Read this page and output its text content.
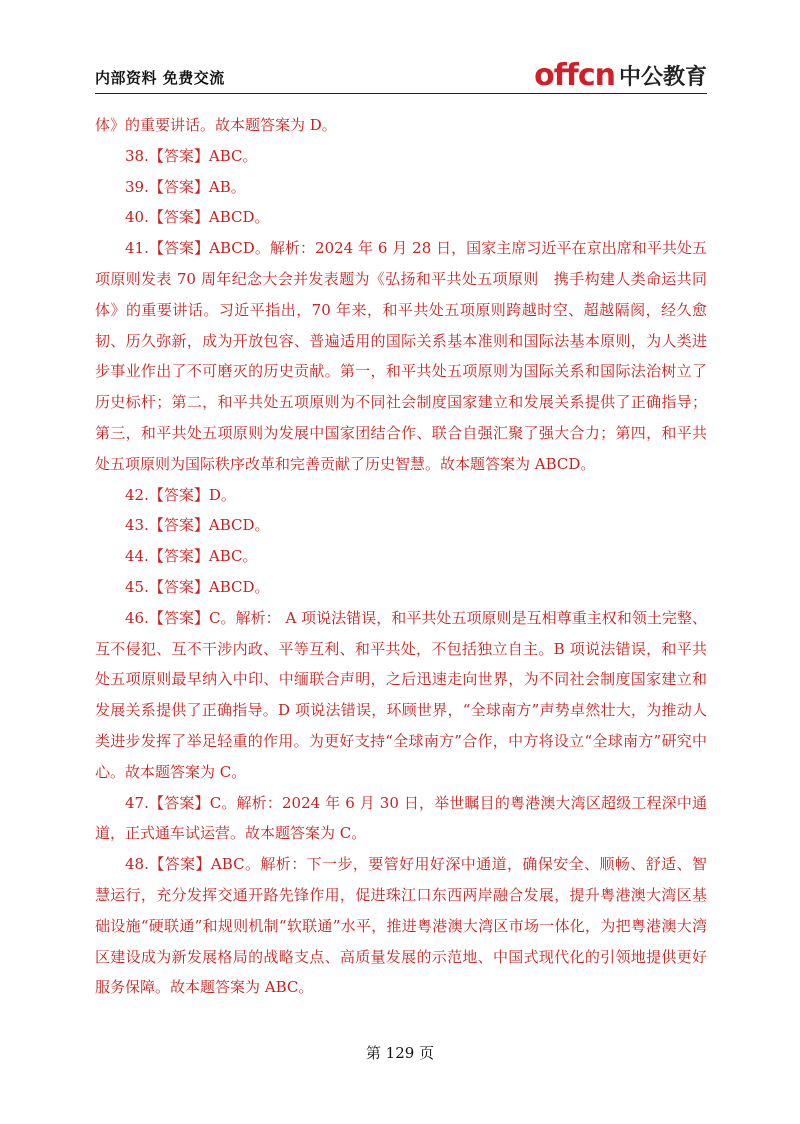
内部资料 免费交流	offcn 中公教育

体》的重要讲话。故本题答案为 D。

38.【答案】ABC。

39.【答案】AB。

40.【答案】ABCD。

41.【答案】ABCD。解析：2024 年 6 月 28 日，国家主席习近平在京出席和平共处五项原则发表 70 周年纪念大会并发表题为《弘扬和平共处五项原则　携手构建人类命运共同体》的重要讲话。习近平指出，70 年来，和平共处五项原则跨越时空、超越隔阂，经久愈韧、历久弥新，成为开放包容、普遍适用的国际关系基本准则和国际法基本原则，为人类进步事业作出了不可磨灭的历史贡献。第一，和平共处五项原则为国际关系和国际法治树立了历史标杆；第二，和平共处五项原则为不同社会制度国家建立和发展关系提供了正确指导；第三，和平共处五项原则为发展中国家团结合作、联合自强汇聚了强大合力；第四，和平共处五项原则为国际秩序改革和完善贡献了历史智慧。故本题答案为 ABCD。

42.【答案】D。

43.【答案】ABCD。

44.【答案】ABC。

45.【答案】ABCD。

46.【答案】C。解析： A 项说法错误，和平共处五项原则是互相尊重主权和领土完整、互不侵犯、互不干涉内政、平等互利、和平共处，不包括独立自主。B 项说法错误，和平共处五项原则最早纳入中印、中缅联合声明，之后迅速走向世界，为不同社会制度国家建立和发展关系提供了正确指导。D 项说法错误，环顾世界，“全球南方”声势卓然壮大，为推动人类进步发挥了举足轻重的作用。为更好支持“全球南方”合作，中方将设立“全球南方”研究中心。故本题答案为 C。

47.【答案】C。解析：2024 年 6 月 30 日，举世瞩目的粤港澳大湾区超级工程深中通道，正式通车试运营。故本题答案为 C。

48.【答案】ABC。解析：下一步，要管好用好深中通道，确保安全、顺畅、舒适、智慧运行，充分发挥交通开路先锋作用，促进珠江口东西两岸融合发展，提升粤港澳大湾区基础设施“硬联通”和规则机制“软联通”水平，推进粤港澳大湾区市场一体化，为把粤港澳大湾区建设成为新发展格局的战略支点、高质量发展的示范地、中国式现代化的引领地提供更好服务保障。故本题答案为 ABC。

第 129 页
